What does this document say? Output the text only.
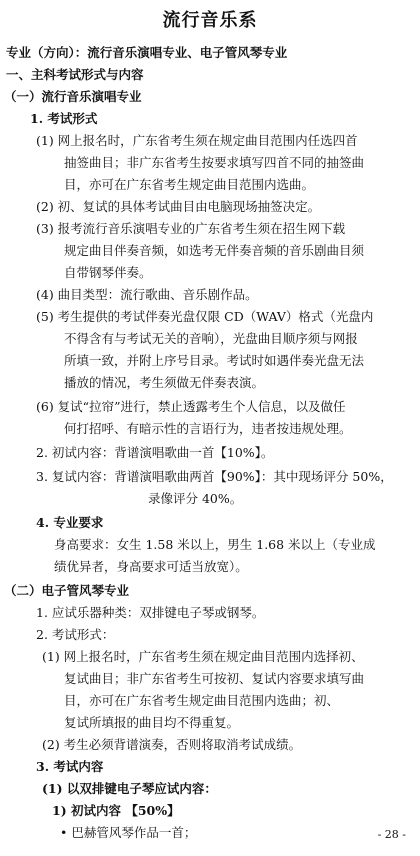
流行音乐系
专业（方向）：流行音乐演唱专业、电子管风琴专业
一、主科考试形式与内容
（一）流行音乐演唱专业
1. 考试形式
(1) 网上报名时，广东省考生须在规定曲目范围内任选四首
抽签曲目；非广东省考生按要求填写四首不同的抽签曲
目，亦可在广东省考生规定曲目范围内选曲。
(2) 初、复试的具体考试曲目由电脑现场抽签决定。
(3) 报考流行音乐演唱专业的广东省考生须在招生网下载
规定曲目伴奏音频，如选考无伴奏音频的音乐剧曲目须
自带钢琴伴奏。
(4) 曲目类型：流行歌曲、音乐剧作品。
(5) 考生提供的考试伴奏光盘仅限 CD（WAV）格式（光盘内
不得含有与考试无关的音响），光盘曲目顺序须与网报
所填一致，并附上序号目录。考试时如遇伴奏光盘无法
播放的情况，考生须做无伴奏表演。
(6) 复试“拉帘”进行，禁止透露考生个人信息，以及做任
何打招呼、有暗示性的言语行为，违者按违规处理。
2. 初试内容：背谱演唱歌曲一首【10%】。
3. 复试内容：背谱演唱歌曲两首【90%】：其中现场评分 50%，
录像评分 40%。
4. 专业要求
身高要求：女生 1.58 米以上，男生 1.68 米以上（专业成
绩优异者，身高要求可适当放宽）。
（二）电子管风琴专业
1. 应试乐器种类：双排键电子琴或钢琴。
2. 考试形式：
(1) 网上报名时，广东省考生须在规定曲目范围内选择初、
复试曲目；非广东省考生可按初、复试内容要求填写曲
目，亦可在广东省考生规定曲目范围内选曲；初、
复试所填报的曲目均不得重复。
(2) 考生必须背谱演奏，否则将取消考试成绩。
3. 考试内容
(1) 以双排键电子琴应试内容：
1) 初试内容 【50%】
• 巴赫管风琴作品一首；	- 28 -
